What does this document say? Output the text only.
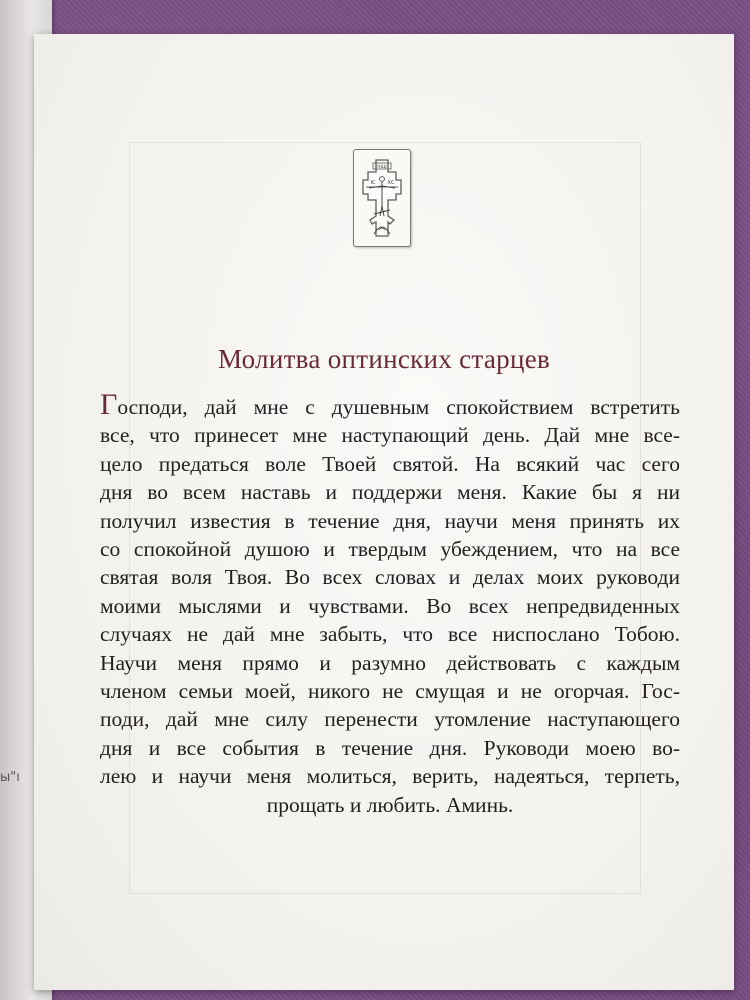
ы"ı
ІНЦІ
ІС ХС
Молитва оптинских старцев
Господи, дай мне с душевным спокойствием встретить
все, что принесет мне наступающий день. Дай мне все-
цело предаться воле Твоей святой. На всякий час сего
дня во всем наставь и поддержи меня. Какие бы я ни
получил известия в течение дня, научи меня принять их
со спокойной душою и твердым убеждением, что на все
святая воля Твоя. Во всех словах и делах моих руководи
моими мыслями и чувствами. Во всех непредвиденных
случаях не дай мне забыть, что все ниспослано Тобою.
Научи меня прямо и разумно действовать с каждым
членом семьи моей, никого не смущая и не огорчая. Гос-
поди, дай мне силу перенести утомление наступающего
дня и все события в течение дня. Руководи моею во-
лею и научи меня молиться, верить, надеяться, терпеть,
прощать и любить. Аминь.
